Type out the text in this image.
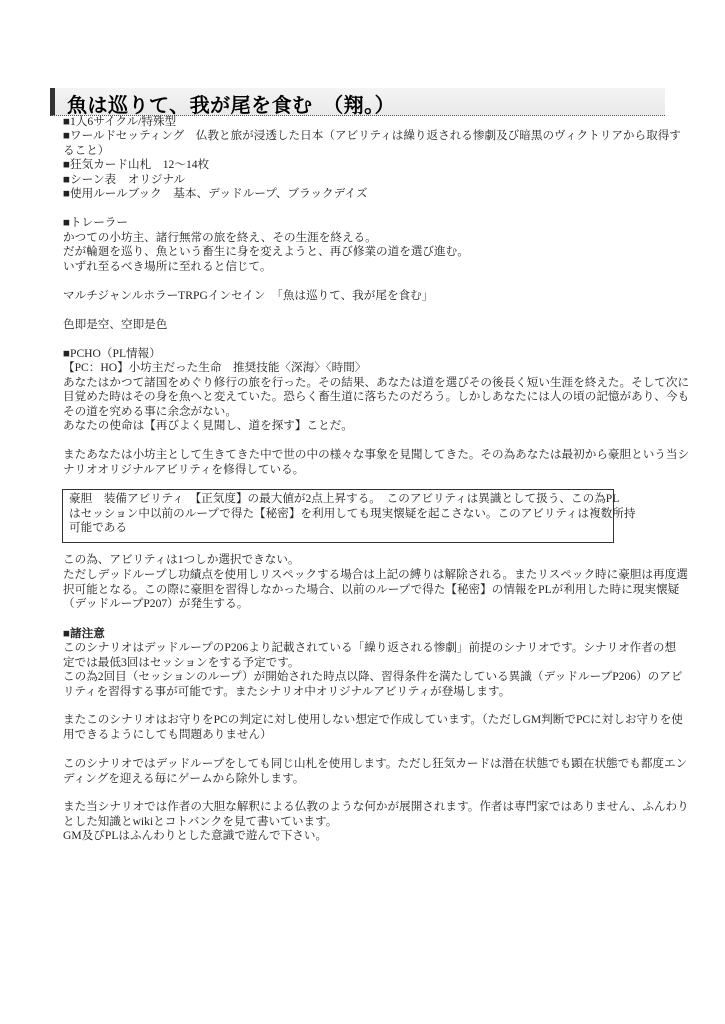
魚は巡りて、我が尾を食む　（翔。）
■1人6サイクル/特殊型
■ワールドセッティング　仏教と旅が浸透した日本（アビリティは繰り返される惨劇及び暗黒のヴィクトリアから取得す
ること）
■狂気カード山札　12～14枚
■シーン表　オリジナル
■使用ルールブック　基本、デッドループ、ブラックデイズ
■トレーラー
かつての小坊主、諸行無常の旅を終え、その生涯を終える。
だが輪廻を巡り、魚という畜生に身を変えようと、再び修業の道を選び進む。
いずれ至るべき場所に至れると信じて。
マルチジャンルホラーTRPGインセイン　「魚は巡りて、我が尾を食む」
色即是空、空即是色
■PCHO（PL情報）
【PC：HO】小坊主だった生命　推奨技能〈深海〉〈時間〉
あなたはかつて諸国をめぐり修行の旅を行った。その結果、あなたは道を選びその後長く短い生涯を終えた。そして次に
目覚めた時はその身を魚へと変えていた。恐らく畜生道に落ちたのだろう。しかしあなたには人の頃の記憶があり、今も
その道を究める事に余念がない。
あなたの使命は【再びよく見聞し、道を探す】ことだ。
またあなたは小坊主として生きてきた中で世の中の様々な事象を見聞してきた。その為あなたは最初から豪胆という当シ
ナリオオリジナルアビリティを修得している。
豪胆　装備アビリティ　【正気度】の最大値が2点上昇する。　このアビリティは異識として扱う、この為PL
はセッション中以前のループで得た【秘密】を利用しても現実懐疑を起こさない。このアビリティは複数所持
可能である
この為、アビリティは1つしか選択できない。
ただしデッドループし功績点を使用しリスペックする場合は上記の縛りは解除される。またリスペック時に豪胆は再度選
択可能となる。この際に豪胆を習得しなかった場合、以前のループで得た【秘密】の情報をPLが利用した時に現実懐疑
（デッドループP207）が発生する。
■諸注意
このシナリオはデッドループのP206より記載されている「繰り返される惨劇」前提のシナリオです。シナリオ作者の想
定では最低3回はセッションをする予定です。
この為2回目（セッションのループ）が開始された時点以降、習得条件を満たしている異識（デッドループP206）のアビ
リティを習得する事が可能です。またシナリオ中オリジナルアビリティが登場します。
またこのシナリオはお守りをPCの判定に対し使用しない想定で作成しています。（ただしGM判断でPCに対しお守りを使
用できるようにしても問題ありません）
このシナリオではデッドループをしても同じ山札を使用します。ただし狂気カードは潜在状態でも顕在状態でも都度エン
ディングを迎える毎にゲームから除外します。
また当シナリオでは作者の大胆な解釈による仏教のような何かが展開されます。作者は専門家ではありません、ふんわり
とした知識とwikiとコトバンクを見て書いています。
GM及びPLはふんわりとした意識で遊んで下さい。
